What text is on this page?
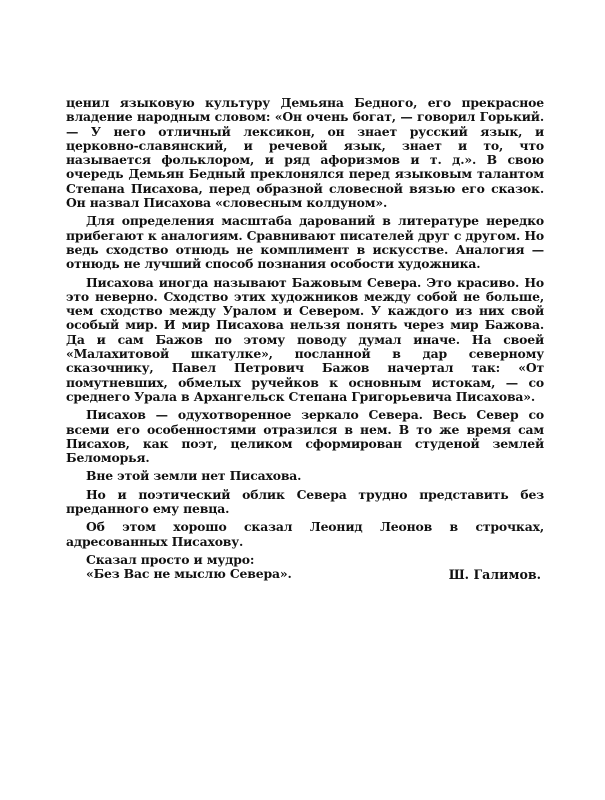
ценил языковую культуру Демьяна Бедного, его прекрасное владение народным словом: «Он очень богат, — говорил Горький. — У него отличный лексикон, он знает русский язык, и церковно-славянский, и речевой язык, знает и то, что называется фольклором, и ряд афоризмов и т. д.». В свою очередь Демьян Бедный преклонялся перед языковым талантом Степана Писахова, перед образной словесной вязью его сказок. Он назвал Писахова «словесным колдуном».

Для определения масштаба дарований в литературе нередко прибегают к аналогиям. Сравнивают писателей друг с другом. Но ведь сходство отнюдь не комплимент в искусстве. Аналогия — отнюдь не лучший способ познания особости художника.

Писахова иногда называют Бажовым Севера. Это красиво. Но это неверно. Сходство этих художников между собой не больше, чем сходство между Уралом и Севером. У каждого из них свой особый мир. И мир Писахова нельзя понять через мир Бажова. Да и сам Бажов по этому поводу думал иначе. На своей «Малахитовой шкатулке», посланной в дар северному сказочнику, Павел Петрович Бажов начертал так: «От помутневших, обмелых ручейков к основным истокам, — со среднего Урала в Архангельск Степана Григорьевича Писахова».

Писахов — одухотворенное зеркало Севера. Весь Север со всеми его особенностями отразился в нем. В то же время сам Писахов, как поэт, целиком сформирован студеной землей Беломорья.

Вне этой земли нет Писахова.

Но и поэтический облик Севера трудно представить без преданного ему певца.

Об этом хорошо сказал Леонид Леонов в строчках, адресованных Писахову.

Сказал просто и мудро:

«Без Вас не мыслю Севера».	Ш. Галимов.
